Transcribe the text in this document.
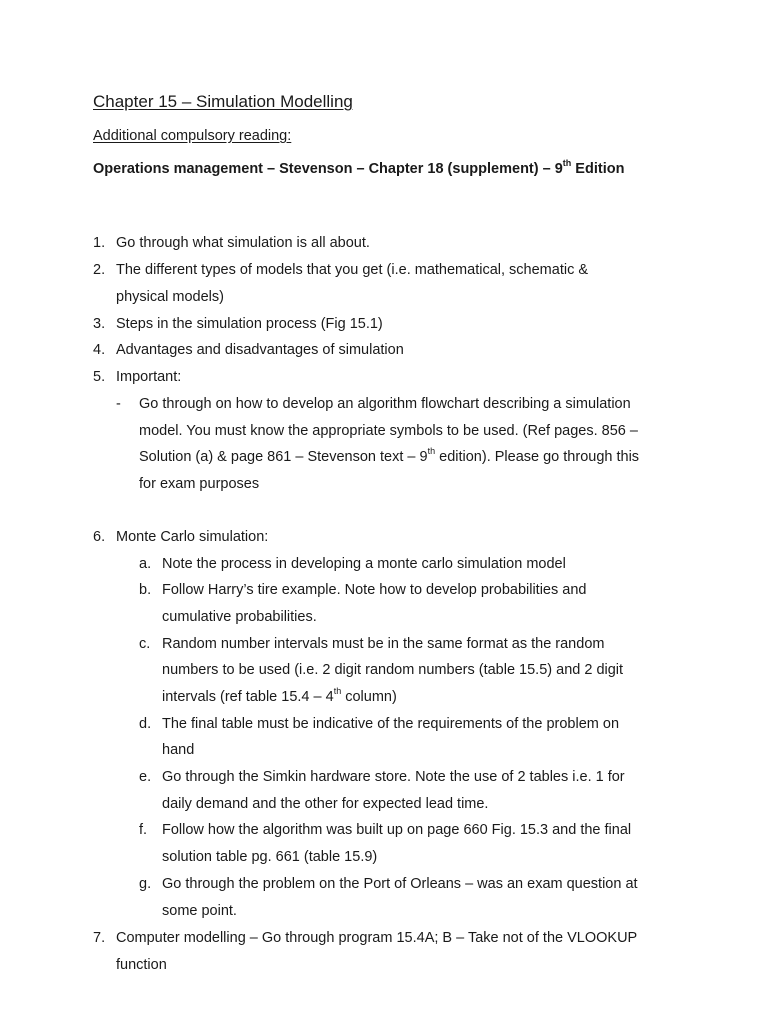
Chapter 15 – Simulation Modelling
Additional compulsory reading:
Operations management – Stevenson – Chapter 18 (supplement) – 9th Edition
1. Go through what simulation is all about.
2. The different types of models that you get (i.e. mathematical, schematic &
physical models)
3. Steps in the simulation process (Fig 15.1)
4. Advantages and disadvantages of simulation
5. Important:
- Go through on how to develop an algorithm flowchart describing a simulation
model. You must know the appropriate symbols to be used. (Ref pages. 856 –
Solution (a) & page 861 – Stevenson text – 9th edition). Please go through this
for exam purposes
6. Monte Carlo simulation:
a. Note the process in developing a monte carlo simulation model
b. Follow Harry’s tire example. Note how to develop probabilities and
cumulative probabilities.
c. Random number intervals must be in the same format as the random
numbers to be used (i.e. 2 digit random numbers (table 15.5) and 2 digit
intervals (ref table 15.4 – 4th column)
d. The final table must be indicative of the requirements of the problem on
hand
e. Go through the Simkin hardware store. Note the use of 2 tables i.e. 1 for
daily demand and the other for expected lead time.
f. Follow how the algorithm was built up on page 660 Fig. 15.3 and the final
solution table pg. 661 (table 15.9)
g. Go through the problem on the Port of Orleans – was an exam question at
some point.
7. Computer modelling – Go through program 15.4A; B – Take not of the VLOOKUP
function
